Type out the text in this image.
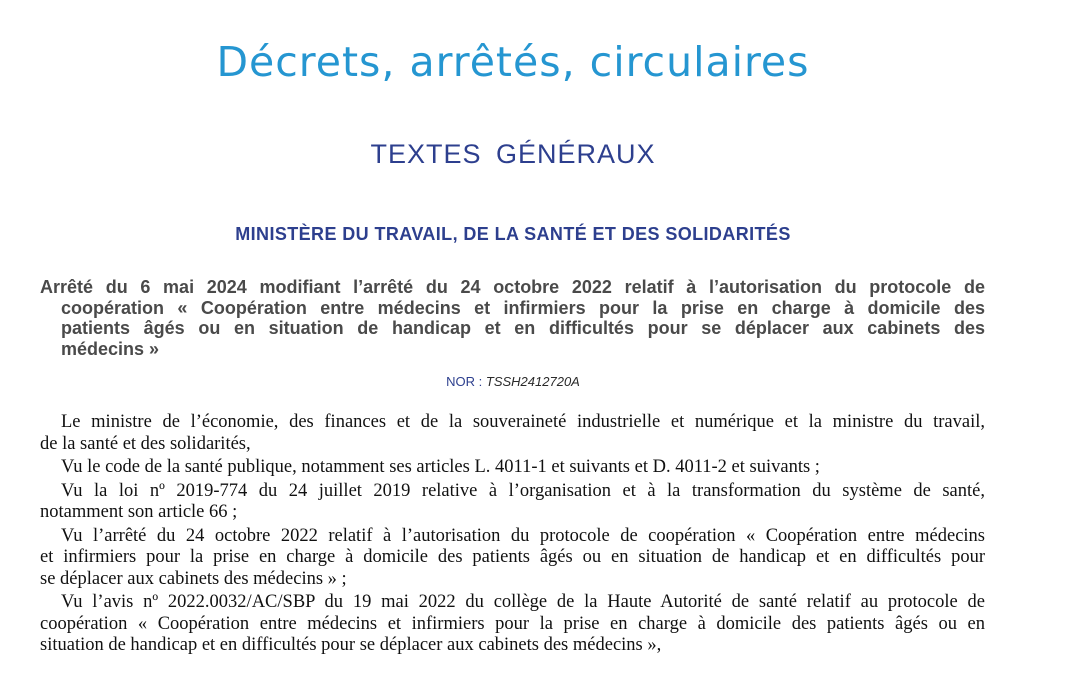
Décrets, arrêtés, circulaires
TEXTES GÉNÉRAUX
MINISTÈRE DU TRAVAIL, DE LA SANTÉ ET DES SOLIDARITÉS
Arrêté du 6 mai 2024 modifiant l’arrêté du 24 octobre 2022 relatif à l’autorisation du protocole de
coopération « Coopération entre médecins et infirmiers pour la prise en charge à domicile des
patients âgés ou en situation de handicap et en difficultés pour se déplacer aux cabinets des
médecins »
NOR : TSSH2412720A
Le ministre de l’économie, des finances et de la souveraineté industrielle et numérique et la ministre du travail,
de la santé et des solidarités,
Vu le code de la santé publique, notamment ses articles L. 4011-1 et suivants et D. 4011-2 et suivants ;
Vu la loi nº 2019-774 du 24 juillet 2019 relative à l’organisation et à la transformation du système de santé,
notamment son article 66 ;
Vu l’arrêté du 24 octobre 2022 relatif à l’autorisation du protocole de coopération « Coopération entre médecins
et infirmiers pour la prise en charge à domicile des patients âgés ou en situation de handicap et en difficultés pour
se déplacer aux cabinets des médecins » ;
Vu l’avis nº 2022.0032/AC/SBP du 19 mai 2022 du collège de la Haute Autorité de santé relatif au protocole de
coopération « Coopération entre médecins et infirmiers pour la prise en charge à domicile des patients âgés ou en
situation de handicap et en difficultés pour se déplacer aux cabinets des médecins »,
